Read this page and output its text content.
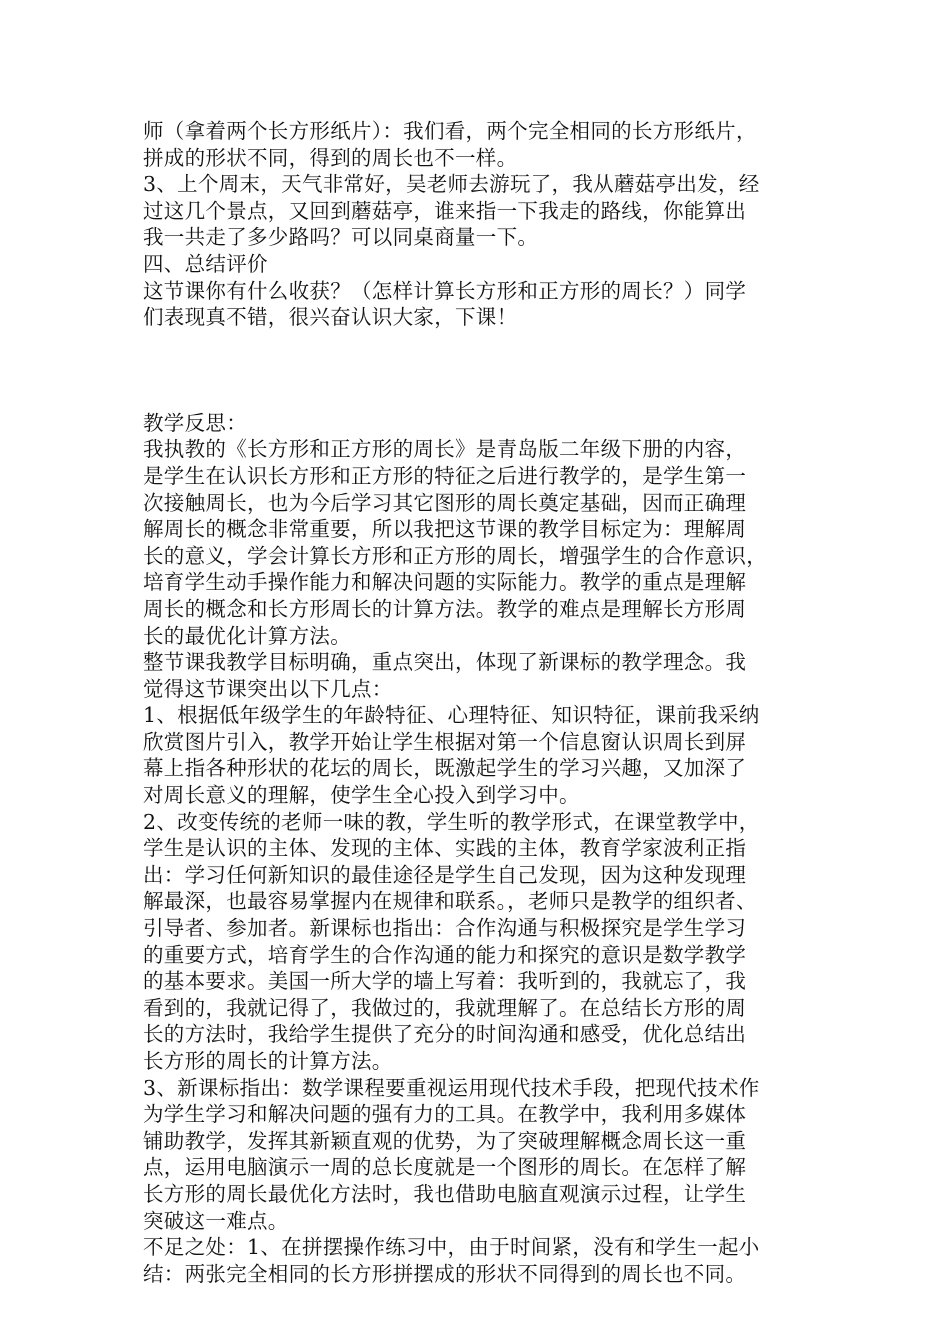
师（拿着两个长方形纸片）：我们看，两个完全相同的长方形纸片，
拼成的形状不同，得到的周长也不一样。
3、上个周末，天气非常好，吴老师去游玩了，我从蘑菇亭出发，经
过这几个景点，又回到蘑菇亭，谁来指一下我走的路线，你能算出
我一共走了多少路吗？可以同桌商量一下。
四、总结评价
这节课你有什么收获？（怎样计算长方形和正方形的周长？）同学
们表现真不错，很兴奋认识大家，下课！
教学反思：
我执教的《长方形和正方形的周长》是青岛版二年级下册的内容，
是学生在认识长方形和正方形的特征之后进行教学的，是学生第一
次接触周长，也为今后学习其它图形的周长奠定基础，因而正确理
解周长的概念非常重要，所以我把这节课的教学目标定为：理解周
长的意义，学会计算长方形和正方形的周长，增强学生的合作意识，
培育学生动手操作能力和解决问题的实际能力。教学的重点是理解
周长的概念和长方形周长的计算方法。教学的难点是理解长方形周
长的最优化计算方法。
整节课我教学目标明确，重点突出，体现了新课标的教学理念。我
觉得这节课突出以下几点：
1、根据低年级学生的年龄特征、心理特征、知识特征，课前我采纳
欣赏图片引入，教学开始让学生根据对第一个信息窗认识周长到屏
幕上指各种形状的花坛的周长，既激起学生的学习兴趣，又加深了
对周长意义的理解，使学生全心投入到学习中。
2、改变传统的老师一味的教，学生听的教学形式，在课堂教学中，
学生是认识的主体、发现的主体、实践的主体，教育学家波利正指
出：学习任何新知识的最佳途径是学生自己发现，因为这种发现理
解最深，也最容易掌握内在规律和联系。，老师只是教学的组织者、
引导者、参加者。新课标也指出：合作沟通与积极探究是学生学习
的重要方式，培育学生的合作沟通的能力和探究的意识是数学教学
的基本要求。美国一所大学的墙上写着：我听到的，我就忘了，我
看到的，我就记得了，我做过的，我就理解了。在总结长方形的周
长的方法时，我给学生提供了充分的时间沟通和感受，优化总结出
长方形的周长的计算方法。
3、新课标指出：数学课程要重视运用现代技术手段，把现代技术作
为学生学习和解决问题的强有力的工具。在教学中，我利用多媒体
铺助教学，发挥其新颖直观的优势，为了突破理解概念周长这一重
点，运用电脑演示一周的总长度就是一个图形的周长。在怎样了解
长方形的周长最优化方法时，我也借助电脑直观演示过程，让学生
突破这一难点。
不足之处：1、在拼摆操作练习中，由于时间紧，没有和学生一起小
结：两张完全相同的长方形拼摆成的形状不同得到的周长也不同。
